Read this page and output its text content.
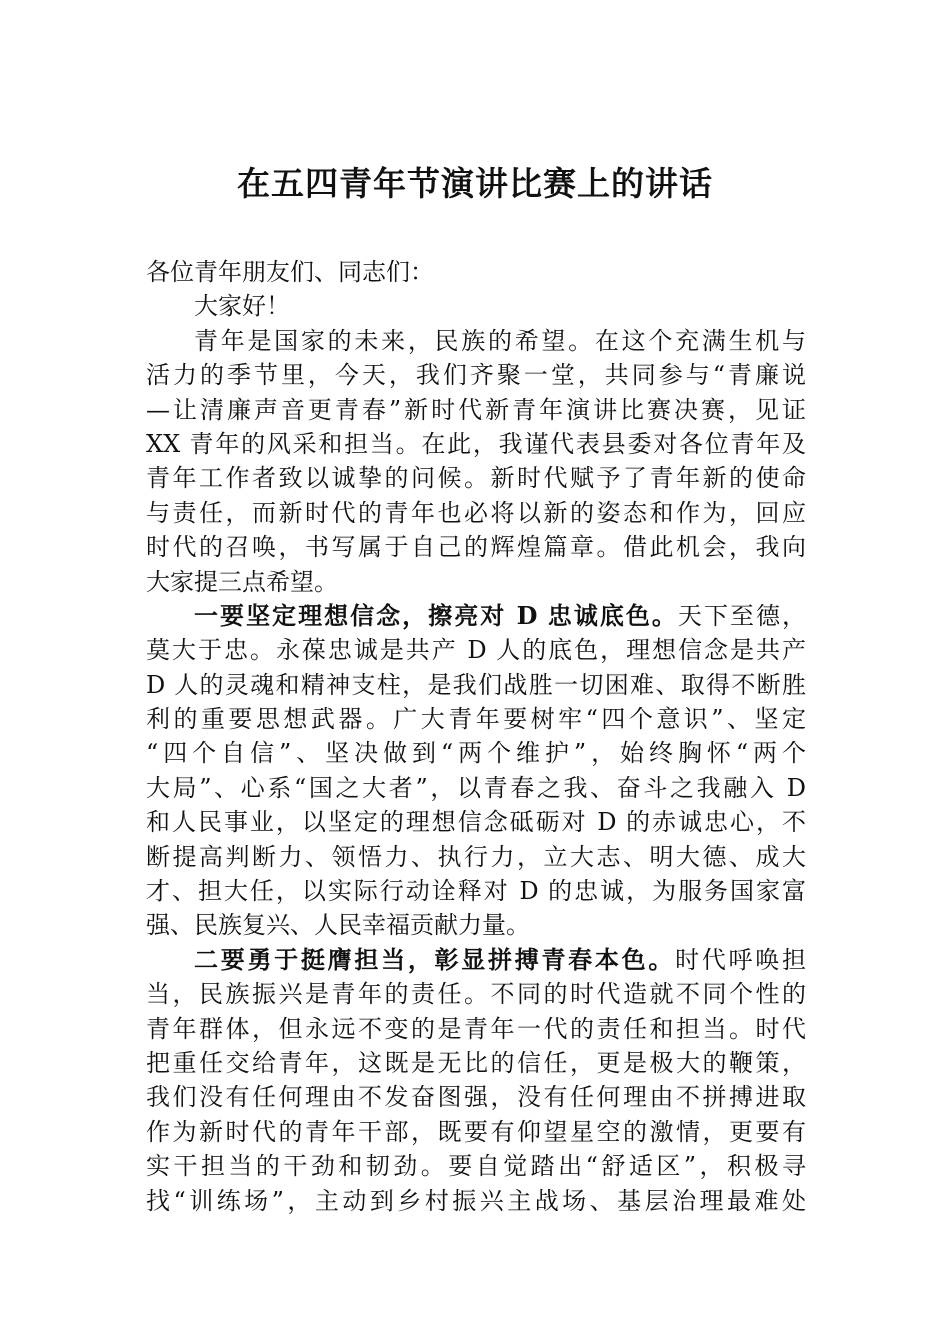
在五四青年节演讲比赛上的讲话
各位青年朋友们、同志们：
大家好！
青年是国家的未来，民族的希望。在这个充满生机与
活力的季节里，今天，我们齐聚一堂，共同参与“青廉说
—让清廉声音更青春”新时代新青年演讲比赛决赛，见证
XX 青年的风采和担当。在此，我谨代表县委对各位青年及
青年工作者致以诚挚的问候。新时代赋予了青年新的使命
与责任，而新时代的青年也必将以新的姿态和作为，回应
时代的召唤，书写属于自己的辉煌篇章。借此机会，我向
大家提三点希望。
一要坚定理想信念，擦亮对 D 忠诚底色。天下至德，
莫大于忠。永葆忠诚是共产 D 人的底色，理想信念是共产
D 人的灵魂和精神支柱，是我们战胜一切困难、取得不断胜
利的重要思想武器。广大青年要树牢“四个意识”、坚定
“四个自信”、坚决做到“两个维护”，始终胸怀“两个
大局”、心系“国之大者”，以青春之我、奋斗之我融入 D
和人民事业，以坚定的理想信念砥砺对 D 的赤诚忠心，不
断提高判断力、领悟力、执行力，立大志、明大德、成大
才、担大任，以实际行动诠释对 D 的忠诚，为服务国家富
强、民族复兴、人民幸福贡献力量。
二要勇于挺膺担当，彰显拼搏青春本色。时代呼唤担
当，民族振兴是青年的责任。不同的时代造就不同个性的
青年群体，但永远不变的是青年一代的责任和担当。时代
把重任交给青年，这既是无比的信任，更是极大的鞭策，
我们没有任何理由不发奋图强，没有任何理由不拼搏进取
作为新时代的青年干部，既要有仰望星空的激情，更要有
实干担当的干劲和韧劲。要自觉踏出“舒适区”，积极寻
找“训练场”，主动到乡村振兴主战场、基层治理最难处
